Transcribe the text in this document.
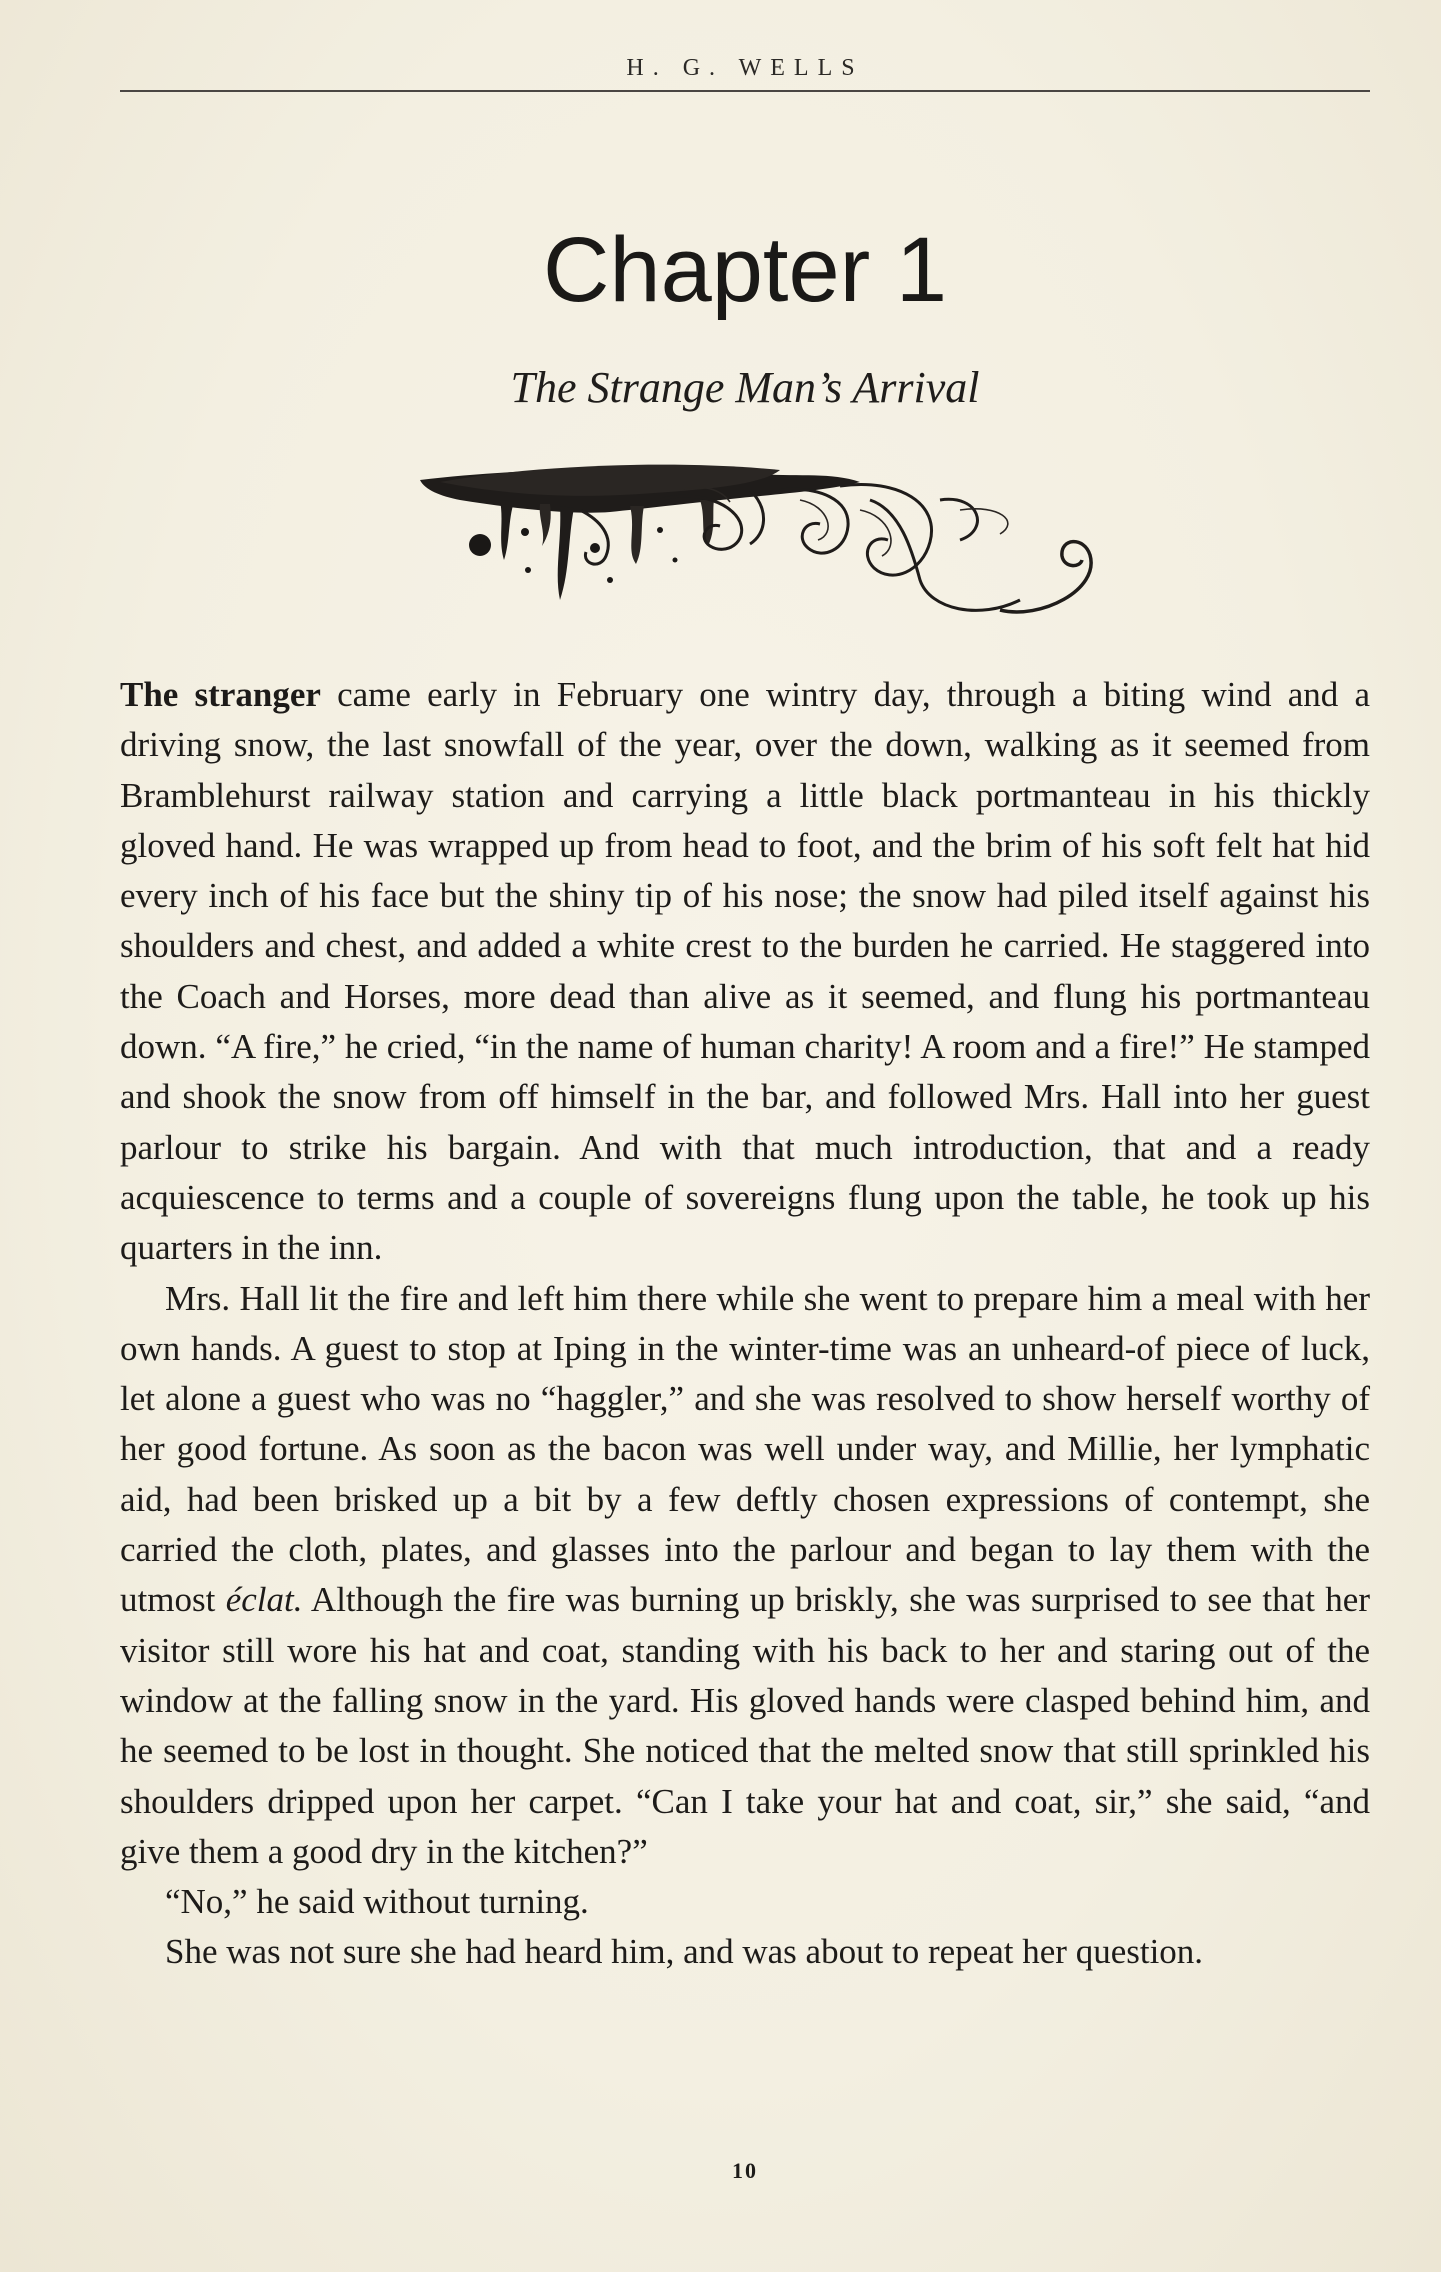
H. G. WELLS
Chapter 1
The Strange Man’s Arrival

The stranger came early in February one wintry day, through a biting wind and a driving snow, the last snowfall of the year, over the down, walking as it seemed from Bramblehurst railway station and carrying a little black portmanteau in his thickly gloved hand. He was wrapped up from head to foot, and the brim of his soft felt hat hid every inch of his face but the shiny tip of his nose; the snow had piled itself against his shoulders and chest, and added a white crest to the burden he carried. He staggered into the Coach and Horses, more dead than alive as it seemed, and flung his portmanteau down. “A fire,” he cried, “in the name of human charity! A room and a fire!” He stamped and shook the snow from off himself in the bar, and followed Mrs. Hall into her guest parlour to strike his bargain. And with that much introduction, that and a ready acquiescence to terms and a couple of sovereigns flung upon the table, he took up his quarters in the inn.

Mrs. Hall lit the fire and left him there while she went to prepare him a meal with her own hands. A guest to stop at Iping in the winter-time was an unheard-of piece of luck, let alone a guest who was no “haggler,” and she was resolved to show herself worthy of her good fortune. As soon as the bacon was well under way, and Millie, her lymphatic aid, had been brisked up a bit by a few deftly chosen expressions of contempt, she carried the cloth, plates, and glasses into the parlour and began to lay them with the utmost éclat. Although the fire was burning up briskly, she was surprised to see that her visitor still wore his hat and coat, standing with his back to her and staring out of the window at the falling snow in the yard. His gloved hands were clasped behind him, and he seemed to be lost in thought. She noticed that the melted snow that still sprinkled his shoulders dripped upon her carpet. “Can I take your hat and coat, sir,” she said, “and give them a good dry in the kitchen?”

“No,” he said without turning.

She was not sure she had heard him, and was about to repeat her question.

10
